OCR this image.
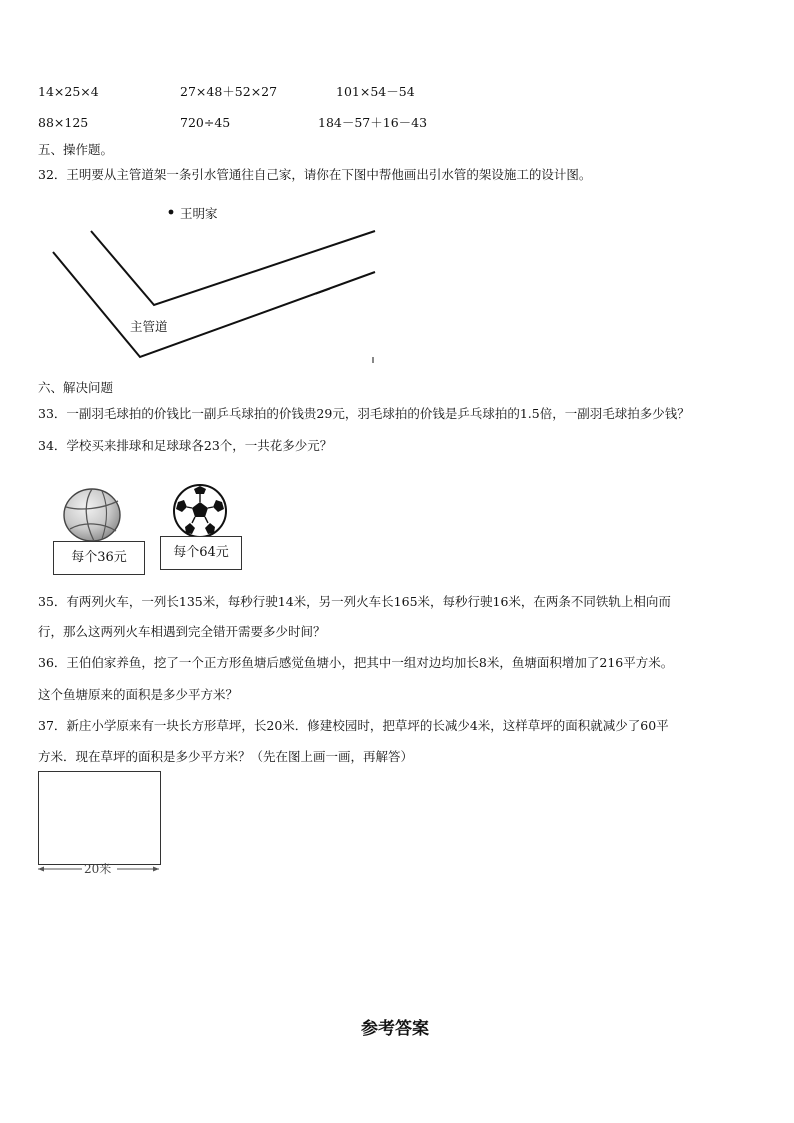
14×25×4	27×48＋52×27	101×54－54
88×125	720÷45	184－57＋16－43
五、操作题。
32．王明要从主管道架一条引水管通往自己家，请你在下图中帮他画出引水管的架设施工的设计图。
王明家
主管道
六、解决问题
33．一副羽毛球拍的价钱比一副乒乓球拍的价钱贵29元，羽毛球拍的价钱是乒乓球拍的1.5倍，一副羽毛球拍多少钱？
34．学校买来排球和足球球各23个，一共花多少元？
每个36元	每个64元
35．有两列火车，一列长135米，每秒行驶14米，另一列火车长165米，每秒行驶16米，在两条不同铁轨上相向而
行，那么这两列火车相遇到完全错开需要多少时间？
36．王伯伯家养鱼，挖了一个正方形鱼塘后感觉鱼塘小，把其中一组对边均加长8米，鱼塘面积增加了216平方米。
这个鱼塘原来的面积是多少平方米？
37．新庄小学原来有一块长方形草坪，长20米．修建校园时，把草坪的长减少4米，这样草坪的面积就减少了60平
方米．现在草坪的面积是多少平方米？（先在图上画一画，再解答）
20米
参考答案
